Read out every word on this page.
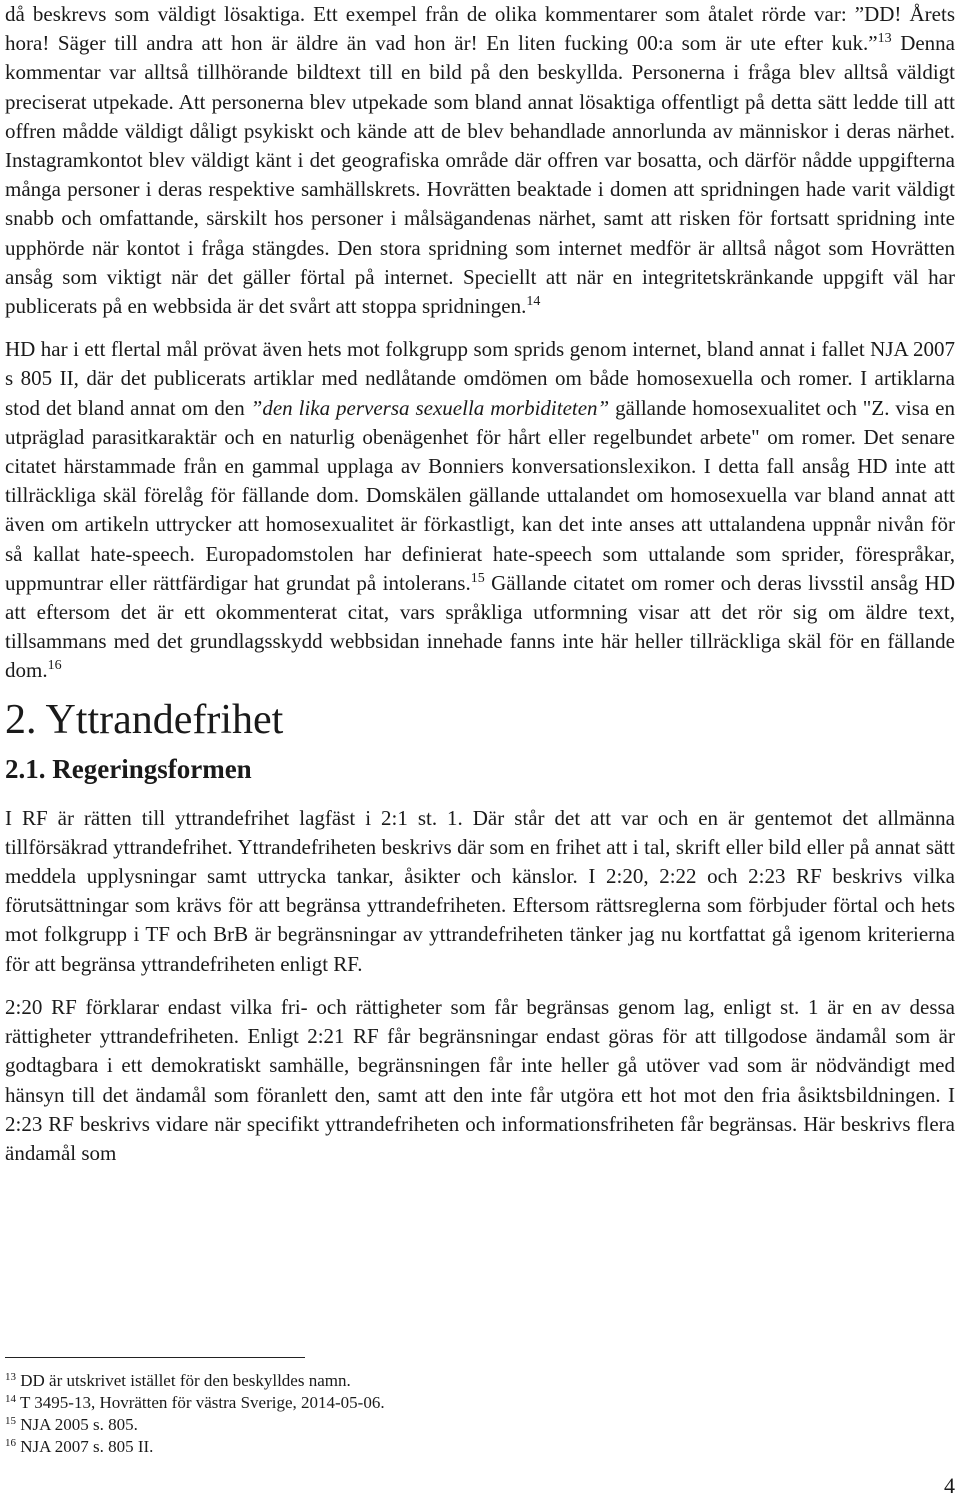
då beskrevs som väldigt lösaktiga. Ett exempel från de olika kommentarer som åtalet rörde var: ”DD! Årets hora! Säger till andra att hon är äldre än vad hon är! En liten fucking 00:a som är ute efter kuk.”$^{13}$ Denna kommentar var alltså tillhörande bildtext till en bild på den beskyllda. Personerna i fråga blev alltså väldigt preciserat utpekade. Att personerna blev utpekade som bland annat lösaktiga offentligt på detta sätt ledde till att offren mådde väldigt dåligt psykiskt och kände att de blev behandlade annorlunda av människor i deras närhet. Instagramkontot blev väldigt känt i det geografiska område där offren var bosatta, och därför nådde uppgifterna många personer i deras respektive samhällskrets. Hovrätten beaktade i domen att spridningen hade varit väldigt snabb och omfattande, särskilt hos personer i målsägandenas närhet, samt att risken för fortsatt spridning inte upphörde när kontot i fråga stängdes. Den stora spridning som internet medför är alltså något som Hovrätten ansåg som viktigt när det gäller förtal på internet. Speciellt att när en integritetskränkande uppgift väl har publicerats på en webbsida är det svårt att stoppa spridningen.$^{14}$

HD har i ett flertal mål prövat även hets mot folkgrupp som sprids genom internet, bland annat i fallet NJA 2007 s 805 II, där det publicerats artiklar med nedlåtande omdömen om både homosexuella och romer. I artiklarna stod det bland annat om den ”den lika perversa sexuella morbiditeten” gällande homosexualitet och "Z. visa en utpräglad parasitkaraktär och en naturlig obenägenhet för hårt eller regelbundet arbete" om romer. Det senare citatet härstammade från en gammal upplaga av Bonniers konversationslexikon. I detta fall ansåg HD inte att tillräckliga skäl förelåg för fällande dom. Domskälen gällande uttalandet om homosexuella var bland annat att även om artikeln uttrycker att homosexualitet är förkastligt, kan det inte anses att uttalandena uppnår nivån för så kallat hate-speech. Europadomstolen har definierat hate-speech som uttalande som sprider, förespråkar, uppmuntrar eller rättfärdigar hat grundat på intolerans.$^{15}$ Gällande citatet om romer och deras livsstil ansåg HD att eftersom det är ett okommenterat citat, vars språkliga utformning visar att det rör sig om äldre text, tillsammans med det grundlagsskydd webbsidan innehade fanns inte här heller tillräckliga skäl för en fällande dom.$^{16}$

2. Yttrandefrihet
2.1. Regeringsformen

I RF är rätten till yttrandefrihet lagfäst i 2:1 st. 1. Där står det att var och en är gentemot det allmänna tillförsäkrad yttrandefrihet. Yttrandefriheten beskrivs där som en frihet att i tal, skrift eller bild eller på annat sätt meddela upplysningar samt uttrycka tankar, åsikter och känslor. I 2:20, 2:22 och 2:23 RF beskrivs vilka förutsättningar som krävs för att begränsa yttrandefriheten. Eftersom rättsreglerna som förbjuder förtal och hets mot folkgrupp i TF och BrB är begränsningar av yttrandefriheten tänker jag nu kortfattat gå igenom kriterierna för att begränsa yttrandefriheten enligt RF.

2:20 RF förklarar endast vilka fri- och rättigheter som får begränsas genom lag, enligt st. 1 är en av dessa rättigheter yttrandefriheten. Enligt 2:21 RF får begränsningar endast göras för att tillgodose ändamål som är godtagbara i ett demokratiskt samhälle, begränsningen får inte heller gå utöver vad som är nödvändigt med hänsyn till det ändamål som föranlett den, samt att den inte får utgöra ett hot mot den fria åsiktsbildningen. I 2:23 RF beskrivs vidare när specifikt yttrandefriheten och informationsfriheten får begränsas. Här beskrivs flera ändamål som

$^{13}$ DD är utskrivet istället för den beskylldes namn.

$^{14}$ T 3495-13, Hovrätten för västra Sverige, 2014-05-06.

$^{15}$ NJA 2005 s. 805.

$^{16}$ NJA 2007 s. 805 II.

4
